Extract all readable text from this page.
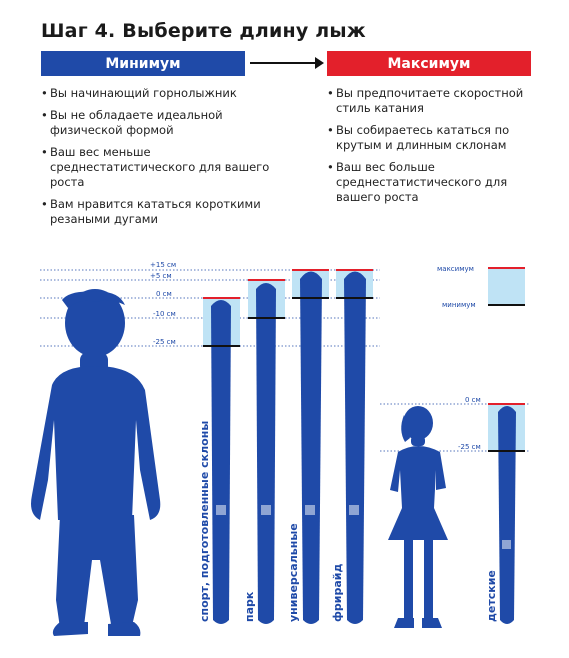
Шаг 4. Выберите длину лыж
Минимум	Максимум
• Вы начинающий горнолыжник
• Вы не обладаете идеальной физической формой
• Ваш вес меньше среднестатистического для вашего роста
• Вам нравится кататься короткими резаными дугами
• Вы предпочитаете скоростной стиль катания
• Вы собираетесь кататься по крутым и длинным склонам
• Ваш вес больше среднестатистического для вашего роста
+15 см
+5 см
0 см
-10 см
-25 см
максимум
минимум
0 см
-25 см
спорт, подготовленные склоны	парк	универсальные	фрирайд	детские
